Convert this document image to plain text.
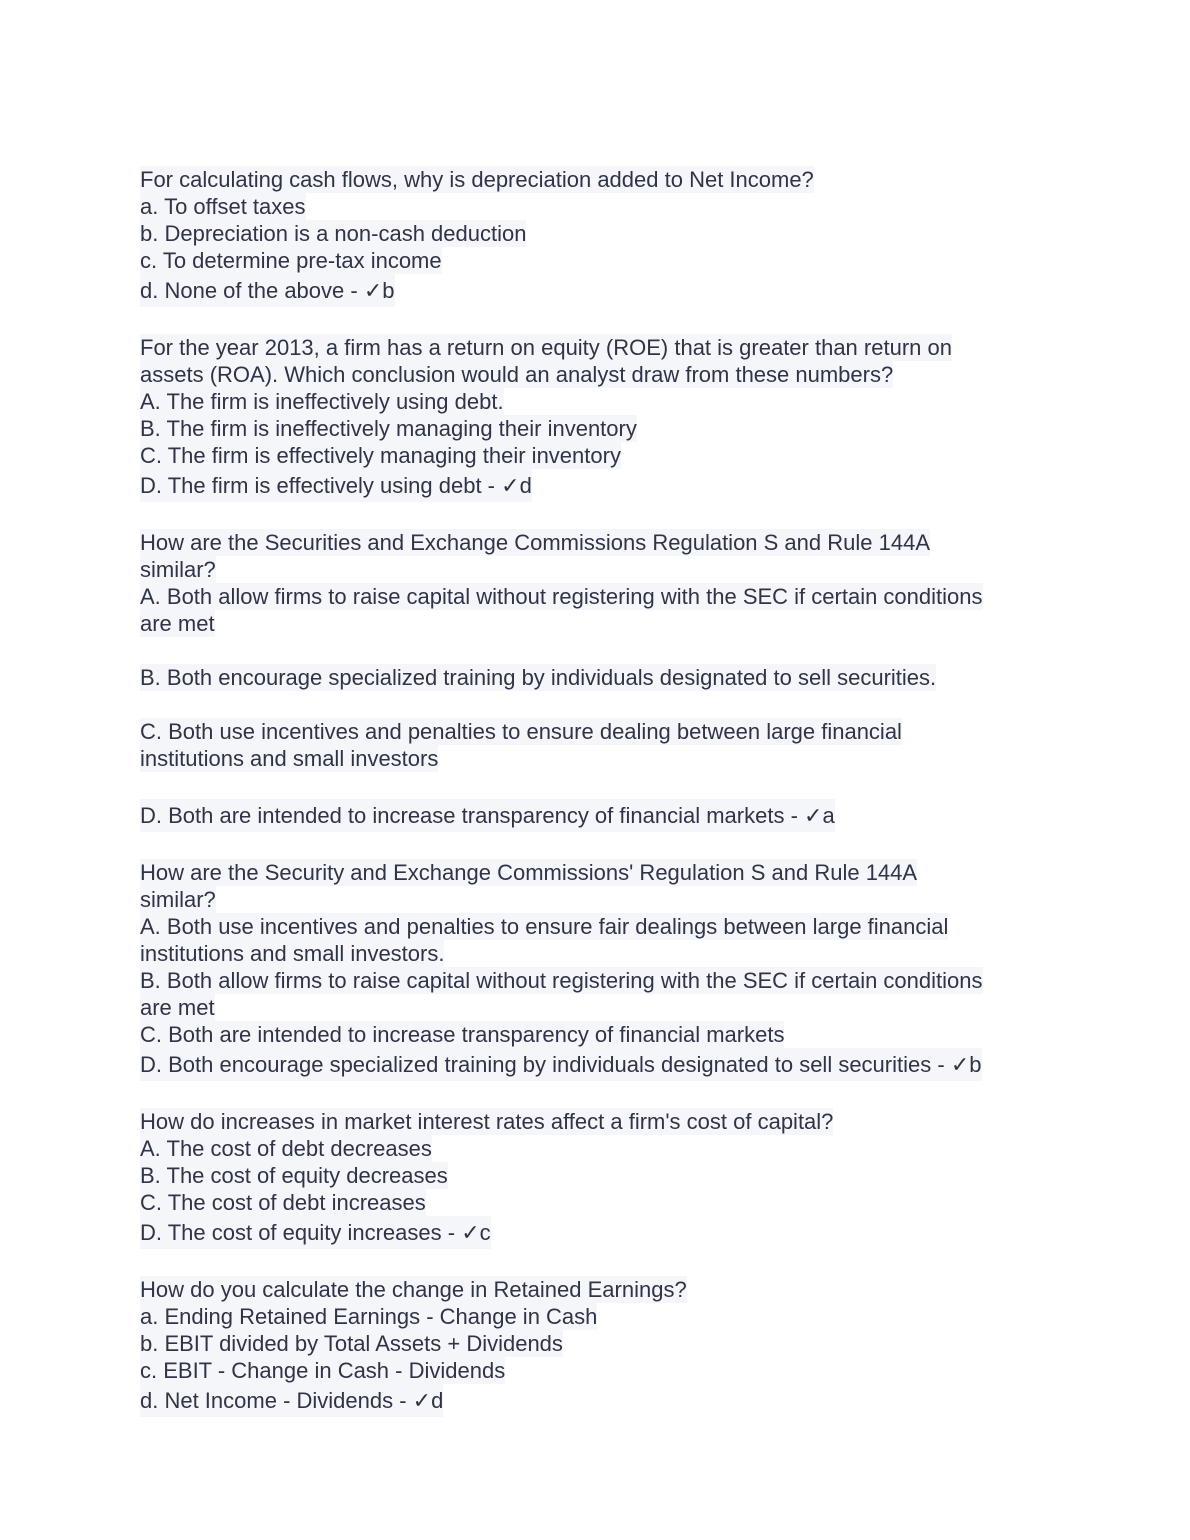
For calculating cash flows, why is depreciation added to Net Income?
a. To offset taxes
b. Depreciation is a non-cash deduction
c. To determine pre-tax income
d. None of the above - ✓b
For the year 2013, a firm has a return on equity (ROE) that is greater than return on
assets (ROA). Which conclusion would an analyst draw from these numbers?
A. The firm is ineffectively using debt.
B. The firm is ineffectively managing their inventory
C. The firm is effectively managing their inventory
D. The firm is effectively using debt - ✓d
How are the Securities and Exchange Commissions Regulation S and Rule 144A
similar?
A. Both allow firms to raise capital without registering with the SEC if certain conditions
are met
B. Both encourage specialized training by individuals designated to sell securities.
C. Both use incentives and penalties to ensure dealing between large financial
institutions and small investors
D. Both are intended to increase transparency of financial markets - ✓a
How are the Security and Exchange Commissions' Regulation S and Rule 144A
similar?
A. Both use incentives and penalties to ensure fair dealings between large financial
institutions and small investors.
B. Both allow firms to raise capital without registering with the SEC if certain conditions
are met
C. Both are intended to increase transparency of financial markets
D. Both encourage specialized training by individuals designated to sell securities - ✓b
How do increases in market interest rates affect a firm's cost of capital?
A. The cost of debt decreases
B. The cost of equity decreases
C. The cost of debt increases
D. The cost of equity increases - ✓c
How do you calculate the change in Retained Earnings?
a. Ending Retained Earnings - Change in Cash
b. EBIT divided by Total Assets + Dividends
c. EBIT - Change in Cash - Dividends
d. Net Income - Dividends - ✓d
